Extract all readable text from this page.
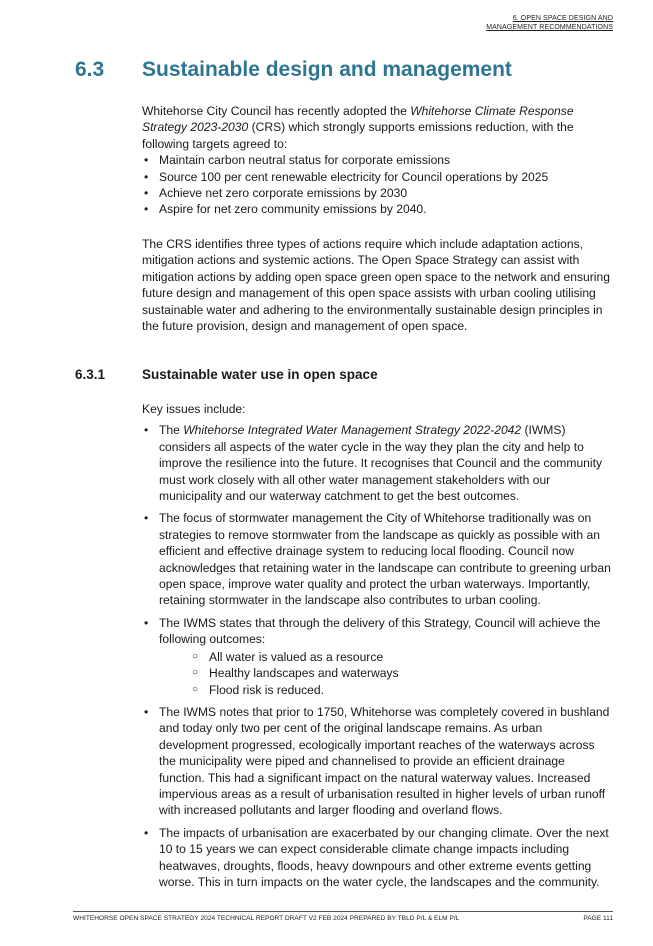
6. OPEN SPACE DESIGN AND
MANAGEMENT RECOMMENDATIONS
6.3	Sustainable design and management

Whitehorse City Council has recently adopted the Whitehorse Climate Response Strategy 2023-2030 (CRS) which strongly supports emissions reduction, with the following targets agreed to:

• Maintain carbon neutral status for corporate emissions
• Source 100 per cent renewable electricity for Council operations by 2025
• Achieve net zero corporate emissions by 2030
• Aspire for net zero community emissions by 2040.

The CRS identifies three types of actions require which include adaptation actions, mitigation actions and systemic actions. The Open Space Strategy can assist with mitigation actions by adding open space green open space to the network and ensuring future design and management of this open space assists with urban cooling utilising sustainable water and adhering to the environmentally sustainable design principles in the future provision, design and management of open space.

6.3.1	Sustainable water use in open space

Key issues include:

• The Whitehorse Integrated Water Management Strategy 2022-2042 (IWMS) considers all aspects of the water cycle in the way they plan the city and help to improve the resilience into the future. It recognises that Council and the community must work closely with all other water management stakeholders with our municipality and our waterway catchment to get the best outcomes.
• The focus of stormwater management the City of Whitehorse traditionally was on strategies to remove stormwater from the landscape as quickly as possible with an efficient and effective drainage system to reducing local flooding. Council now acknowledges that retaining water in the landscape can contribute to greening urban open space, improve water quality and protect the urban waterways. Importantly, retaining stormwater in the landscape also contributes to urban cooling.
• The IWMS states that through the delivery of this Strategy, Council will achieve the following outcomes:
○ All water is valued as a resource
○ Healthy landscapes and waterways
○ Flood risk is reduced.
• The IWMS notes that prior to 1750, Whitehorse was completely covered in bushland and today only two per cent of the original landscape remains. As urban development progressed, ecologically important reaches of the waterways across the municipality were piped and channelised to provide an efficient drainage function. This had a significant impact on the natural waterway values. Increased impervious areas as a result of urbanisation resulted in higher levels of urban runoff with increased pollutants and larger flooding and overland flows.
• The impacts of urbanisation are exacerbated by our changing climate. Over the next 10 to 15 years we can expect considerable climate change impacts including heatwaves, droughts, floods, heavy downpours and other extreme events getting worse. This in turn impacts on the water cycle, the landscapes and the community.
WHITEHORSE OPEN SPACE STRATEGY 2024 TECHNICAL REPORT DRAFT V2 FEB 2024 PREPARED BY TBLD P/L & ELM P/L	PAGE 111
